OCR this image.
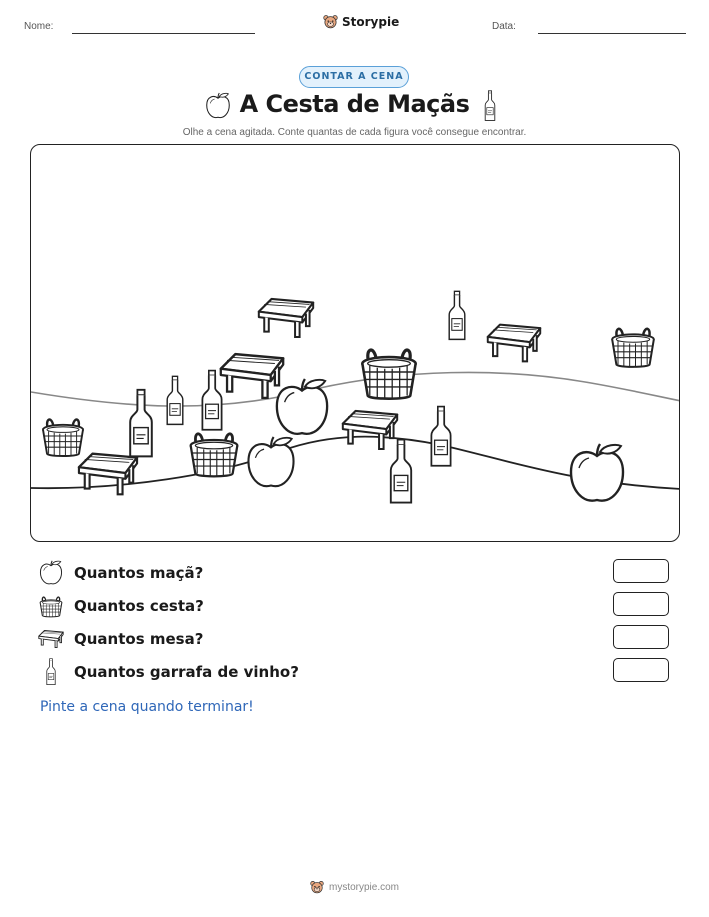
Nome:	Storypie	Data:
CONTAR A CENA
A Cesta de Maçãs
Olhe a cena agitada. Conte quantas de cada figura você consegue encontrar.
Quantos maçã?
Quantos cesta?
Quantos mesa?
Quantos garrafa de vinho?
Pinte a cena quando terminar!
mystorypie.com
